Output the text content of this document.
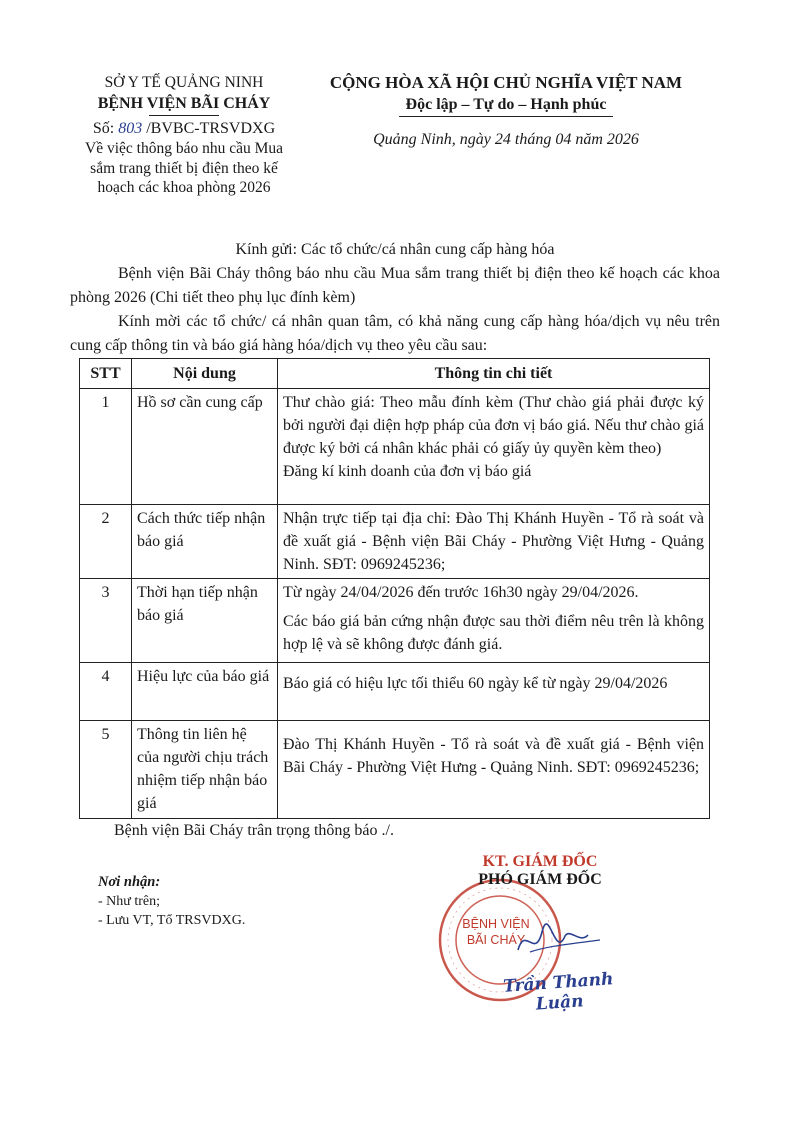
SỞ Y TẾ QUẢNG NINH
BỆNH VIỆN BÃI CHÁY
Số: 803 /BVBC-TRSVDXG
Về việc thông báo nhu cầu Mua sắm trang thiết bị điện theo kế hoạch các khoa phòng 2026
CỘNG HÒA XÃ HỘI CHỦ NGHĨA VIỆT NAM
Độc lập – Tự do – Hạnh phúc
Quảng Ninh, ngày 24 tháng 04 năm 2026

Kính gửi: Các tổ chức/cá nhân cung cấp hàng hóa

Bệnh viện Bãi Cháy thông báo nhu cầu Mua sắm trang thiết bị điện theo kế hoạch các khoa phòng 2026 (Chi tiết theo phụ lục đính kèm)

Kính mời các tổ chức/ cá nhân quan tâm, có khả năng cung cấp hàng hóa/dịch vụ nêu trên cung cấp thông tin và báo giá hàng hóa/dịch vụ theo yêu cầu sau:

STT	Nội dung	Thông tin chi tiết
1	Hồ sơ cần cung cấp	Thư chào giá: Theo mẫu đính kèm (Thư chào giá phải được ký bởi người đại diện hợp pháp của đơn vị báo giá. Nếu thư chào giá được ký bởi cá nhân khác phải có giấy ủy quyền kèm theo)

Đăng kí kinh doanh của đơn vị báo giá

2	Cách thức tiếp nhận báo giá	Nhận trực tiếp tại địa chỉ: Đào Thị Khánh Huyền - Tổ rà soát và đề xuất giá - Bệnh viện Bãi Cháy - Phường Việt Hưng - Quảng Ninh. SĐT: 0969245236;

3	Thời hạn tiếp nhận báo giá	Từ ngày 24/04/2026 đến trước 16h30 ngày 29/04/2026.

Các báo giá bản cứng nhận được sau thời điểm nêu trên là không hợp lệ và sẽ không được đánh giá.

4	Hiệu lực của báo giá	Báo giá có hiệu lực tối thiểu 60 ngày kể từ ngày 29/04/2026

5	Thông tin liên hệ của người chịu trách nhiệm tiếp nhận báo giá	Đào Thị Khánh Huyền - Tổ rà soát và đề xuất giá - Bệnh viện Bãi Cháy - Phường Việt Hưng - Quảng Ninh. SĐT: 0969245236;

Bệnh viện Bãi Cháy trân trọng thông báo ./.
Nơi nhận:
- Như trên;
- Lưu VT, Tổ TRSVDXG.	BỆNH VIỆN BÃI CHÁY
KT. GIÁM ĐỐC
PHÓ GIÁM ĐỐC
Trần Thanh Luận
